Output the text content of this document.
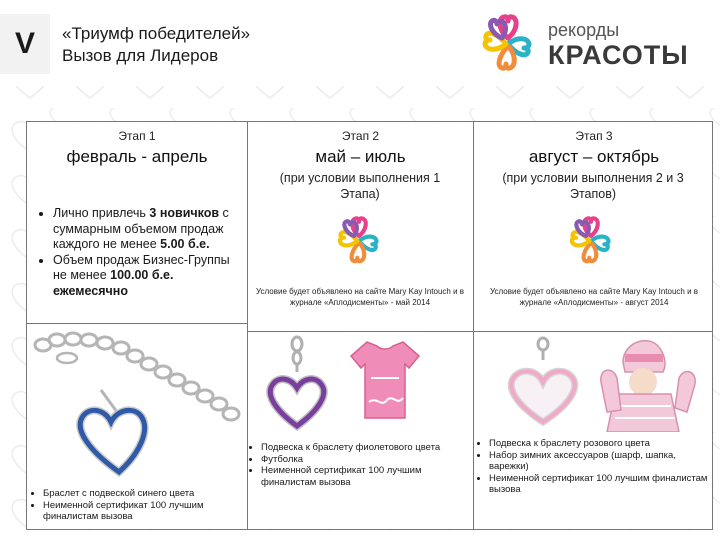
V	«Триумф победителей»
Вызов для Лидеров
рекорды
КРАСОТЫ
Этап 1
февраль - апрель
Этап 2
май – июль
(при условии выполнения 1 Этапа)
Этап 3
август – октябрь
(при условии выполнения 2 и 3 Этапов)
• Лично привлечь 3 новичков с суммарным объемом продаж каждого не менее 5.00 б.е.
• Объем продаж Бизнес-Группы не менее 100.00 б.е. ежемесячно
• Браслет с подвеской синего цвета
• Неименной сертификат 100 лучшим финалистам вызова
Условие будет объявлено на сайте Mary Kay Intouch и в журнале «Аплодисменты» - май 2014
• Подвеска к браслету фиолетового цвета
• Футболка
• Неименной сертификат 100 лучшим финалистам вызова
Условие будет объявлено на сайте Mary Kay Intouch и в журнале «Аплодисменты» - август 2014
• Подвеска к браслету розового цвета
• Набор зимних аксессуаров (шарф, шапка, варежки)
• Неименной сертификат 100 лучшим финалистам вызова
